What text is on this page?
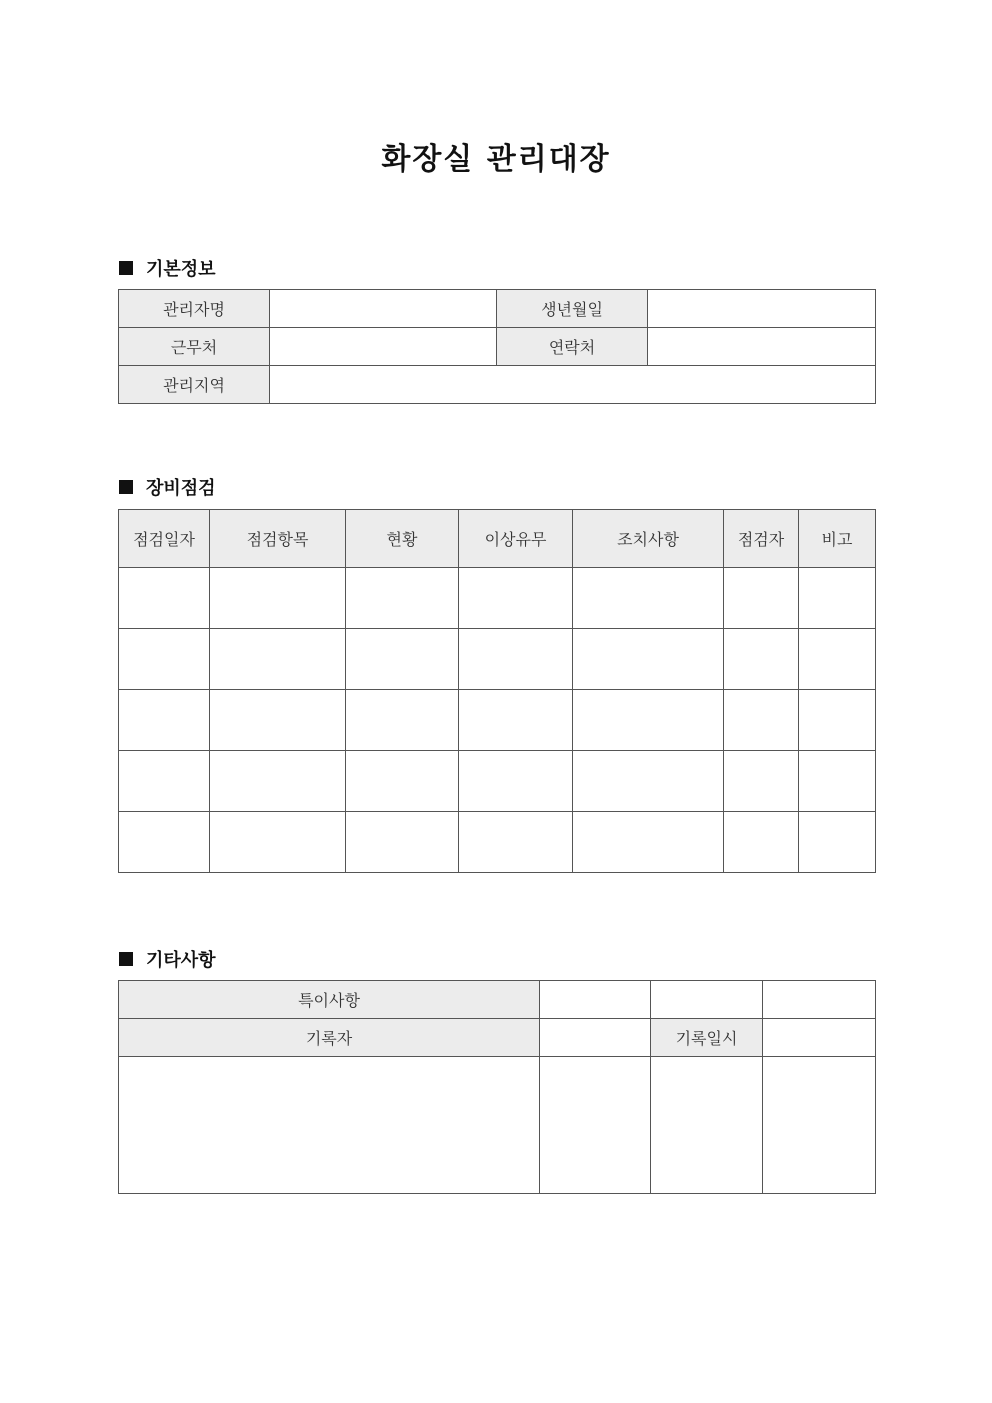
화장실 관리대장
기본정보
관리자명		생년월일	
근무처		연락처	
관리지역			
장비점검
점검일자	점검항목	현황	이상유무	조치사항	점검자	비고

기타사항
특이사항			
기록자		기록일시	
